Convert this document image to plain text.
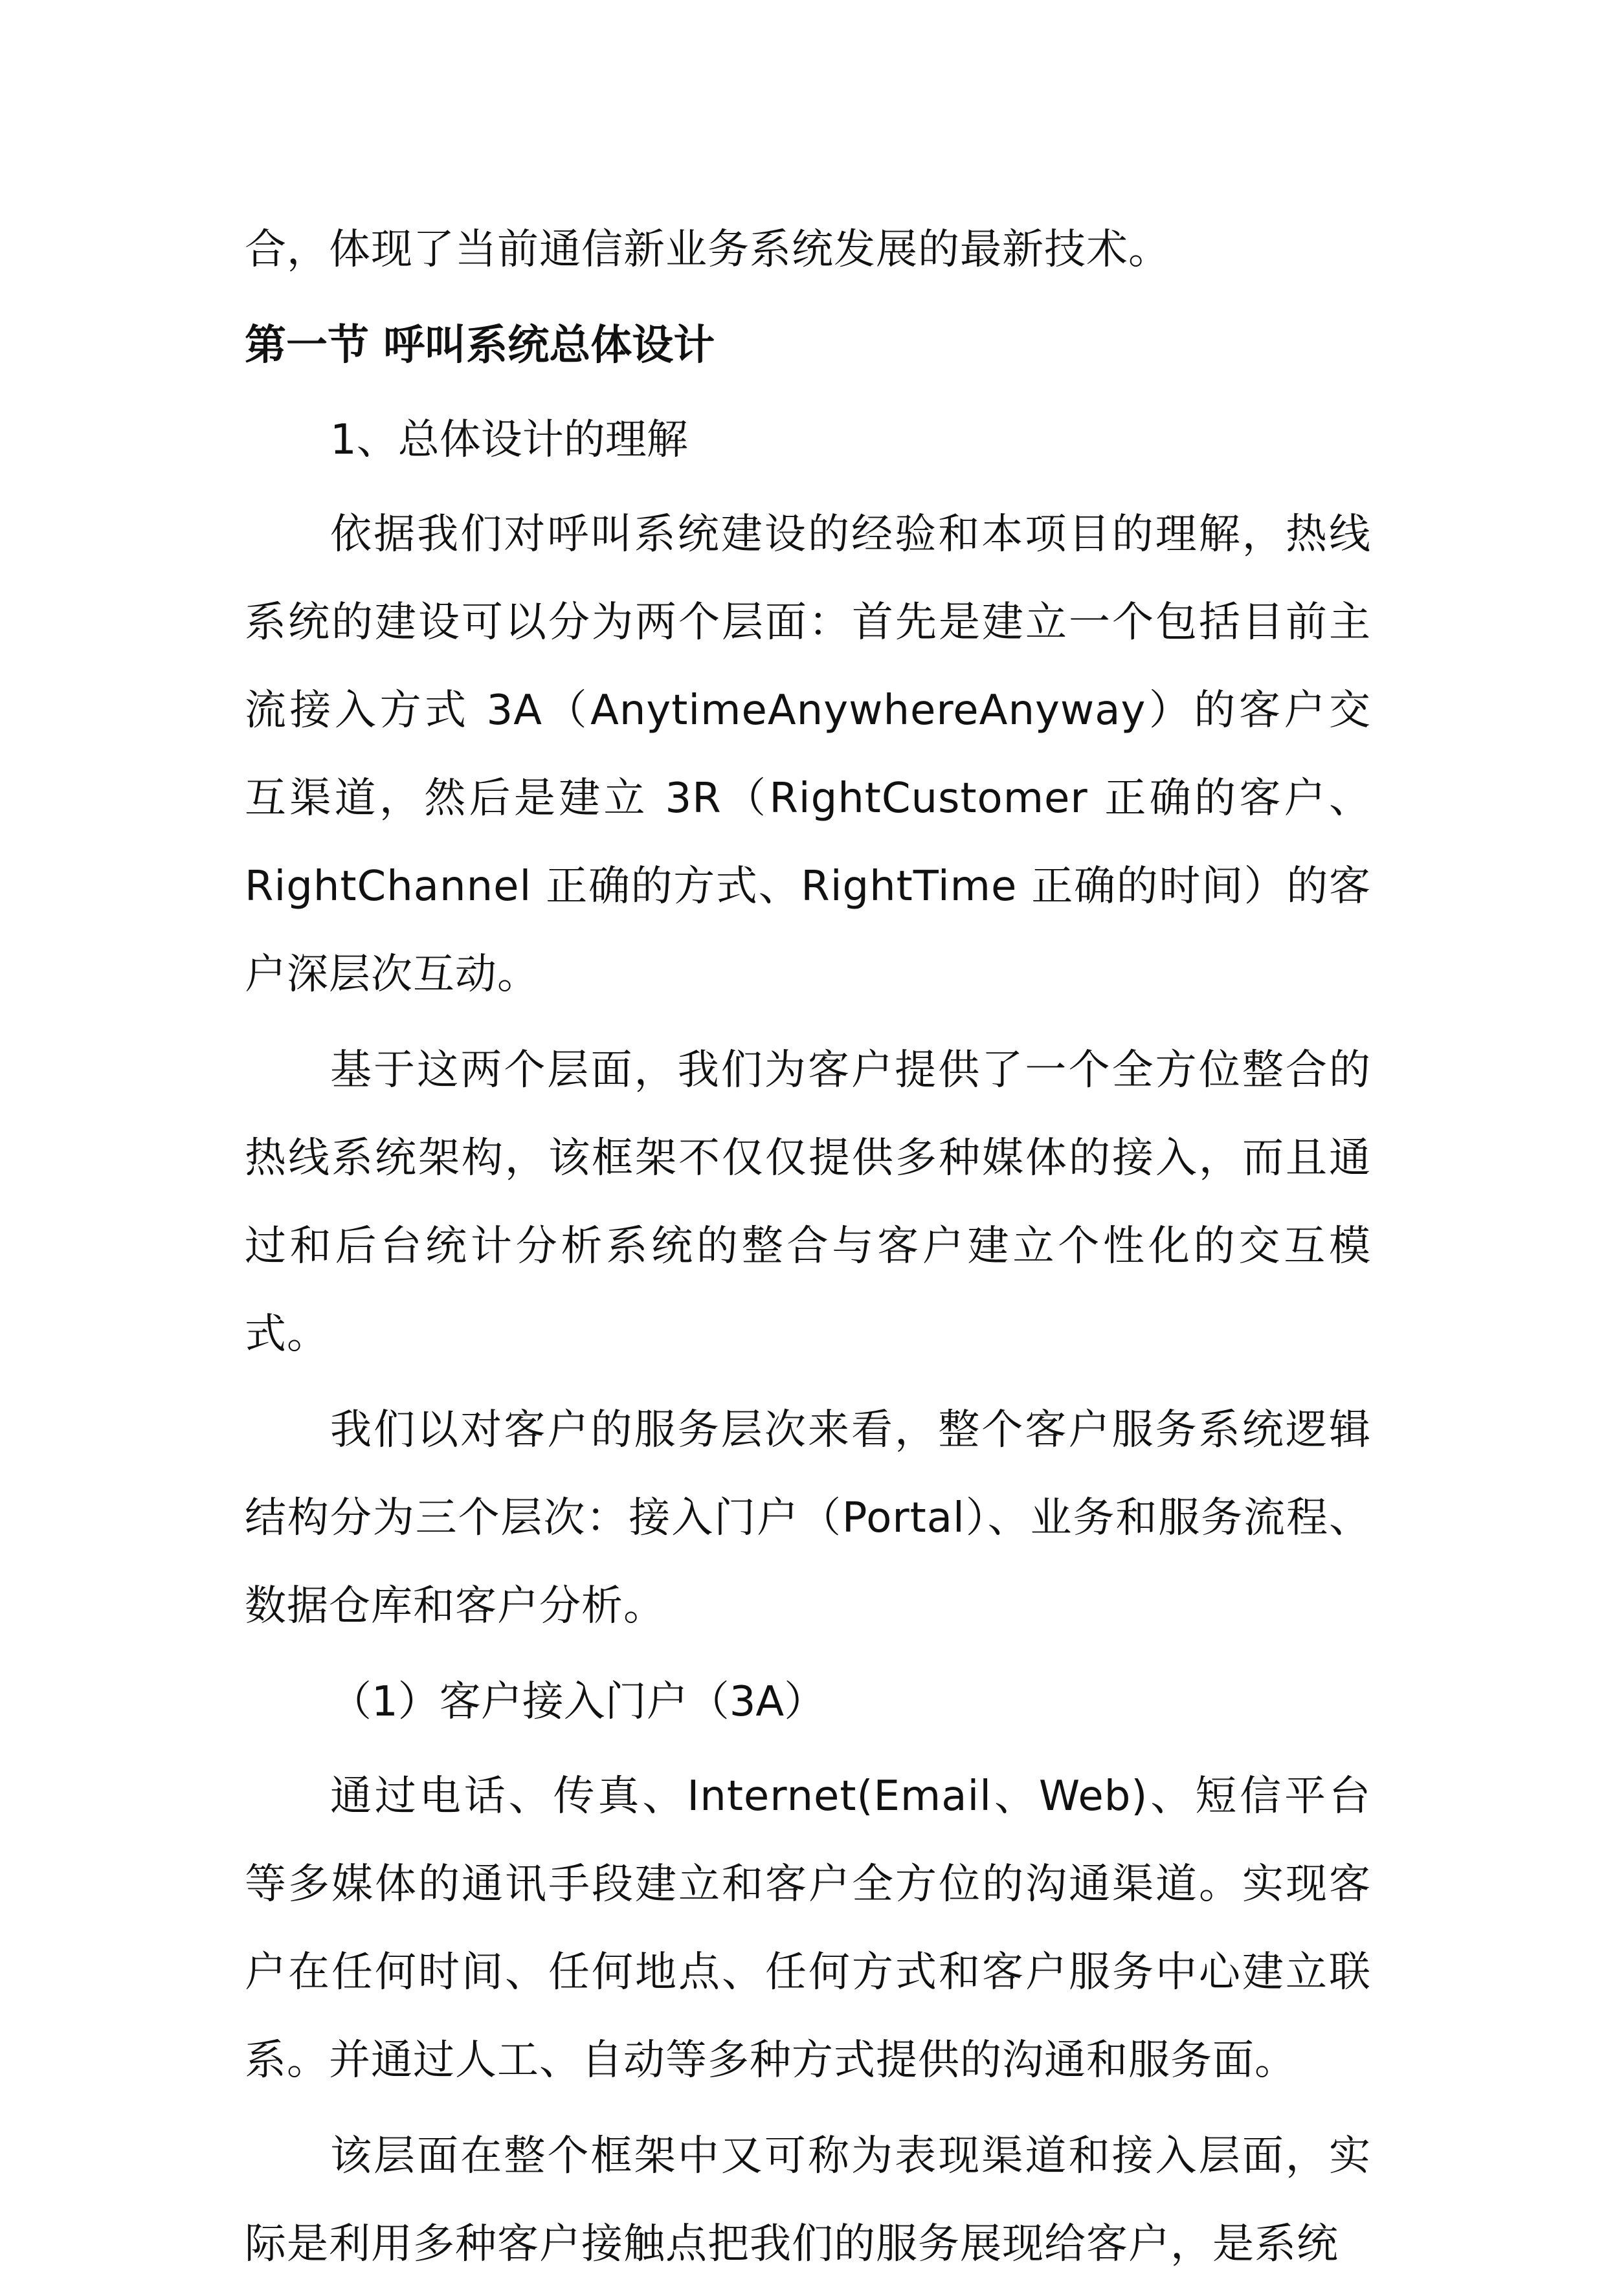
合，体现了当前通信新业务系统发展的最新技术。

第一节 呼叫系统总体设计
1、总体设计的理解

依据我们对呼叫系统建设的经验和本项目的理解，热线系统的建设可以分为两个层面：首先是建立一个包括目前主流接入方式 3A（AnytimeAnywhereAnyway）的客户交互渠道，然后是建立 3R（RightCustomer 正确的客户、RightChannel 正确的方式、RightTime 正确的时间）的客户深层次互动。

基于这两个层面，我们为客户提供了一个全方位整合的热线系统架构，该框架不仅仅提供多种媒体的接入，而且通过和后台统计分析系统的整合与客户建立个性化的交互模式。

我们以对客户的服务层次来看，整个客户服务系统逻辑结构分为三个层次：接入门户（Portal）、业务和服务流程、数据仓库和客户分析。

（1）客户接入门户（3A）

通过电话、传真、Internet(Email、Web)、短信平台等多媒体的通讯手段建立和客户全方位的沟通渠道。实现客户在任何时间、任何地点、任何方式和客户服务中心建立联系。并通过人工、自动等多种方式提供的沟通和服务面。

该层面在整个框架中又可称为表现渠道和接入层面，实际是利用多种客户接触点把我们的服务展现给客户，是系统
